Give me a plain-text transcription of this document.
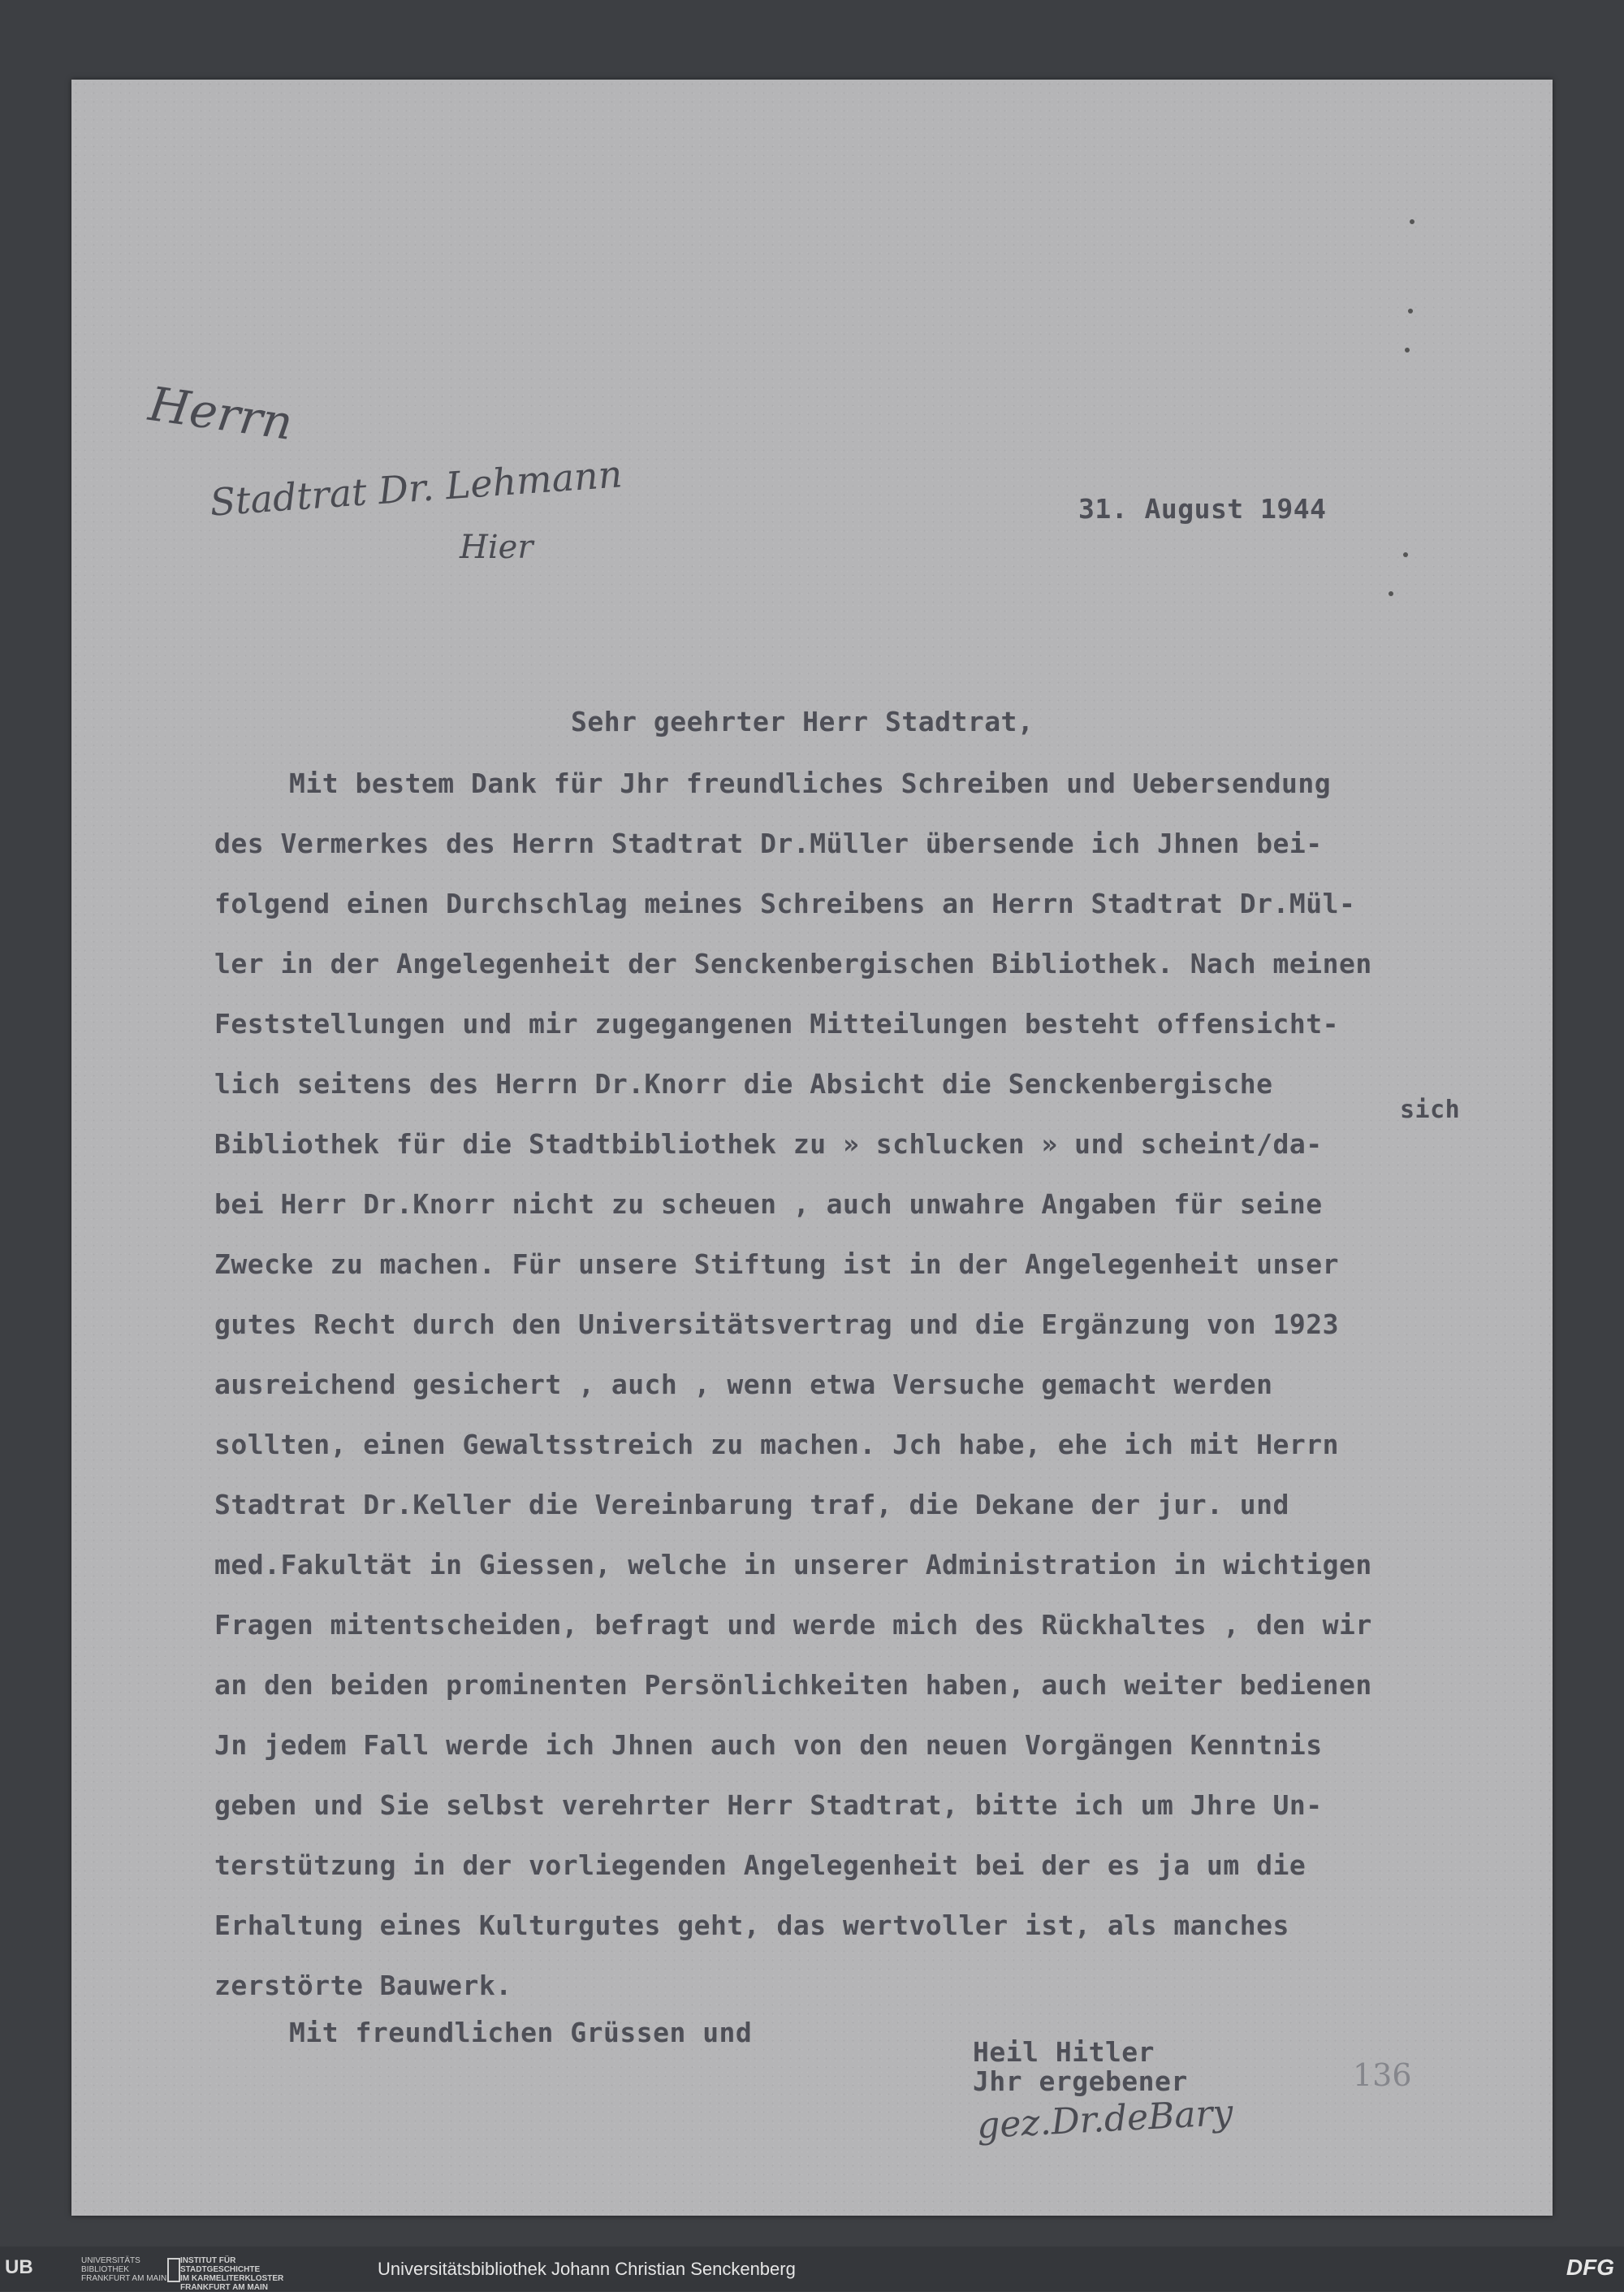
Herrn
Stadtrat Dr. Lehmann
Hier
31. August 1944
Sehr geehrter Herr Stadtrat,
sich
Mit bestem Dank für Jhr freundliches Schreiben und Uebersendung
des Vermerkes des Herrn Stadtrat Dr.Müller übersende ich Jhnen bei-
folgend einen Durchschlag meines Schreibens an Herrn Stadtrat Dr.Mül-
ler in der Angelegenheit der Senckenbergischen Bibliothek. Nach meinen
Feststellungen und mir zugegangenen Mitteilungen besteht offensicht-
lich seitens des Herrn Dr.Knorr die Absicht die Senckenbergische
Bibliothek für die Stadtbibliothek zu » schlucken » und scheint/da-
bei Herr Dr.Knorr nicht zu scheuen , auch unwahre Angaben für seine
Zwecke zu machen. Für unsere Stiftung ist in der Angelegenheit unser
gutes Recht durch den Universitätsvertrag und die Ergänzung von 1923
ausreichend gesichert , auch , wenn etwa Versuche gemacht werden
sollten, einen Gewaltsstreich zu machen. Jch habe, ehe ich mit Herrn
Stadtrat Dr.Keller die Vereinbarung traf, die Dekane der jur. und
med.Fakultät in Giessen, welche in unserer Administration in wichtigen
Fragen mitentscheiden, befragt und werde mich des Rückhaltes , den wir
an den beiden prominenten Persönlichkeiten haben, auch weiter bedienen
Jn jedem Fall werde ich Jhnen auch von den neuen Vorgängen Kenntnis
geben und Sie selbst verehrter Herr Stadtrat, bitte ich um Jhre Un-
terstützung in der vorliegenden Angelegenheit bei der es ja um die
Erhaltung eines Kulturgutes geht, das wertvoller ist, als manches
zerstörte Bauwerk.
Mit freundlichen Grüssen und
Heil Hitler
Jhr ergebener
gez.Dr.deBary
136
UB	UNIVERSITÄTS
BIBLIOTHEK
FRANKFURT AM MAIN
INSTITUT FÜR
STADTGESCHICHTE
IM KARMELITERKLOSTER
FRANKFURT AM MAIN
Universitätsbibliothek Johann Christian Senckenberg	DFG
